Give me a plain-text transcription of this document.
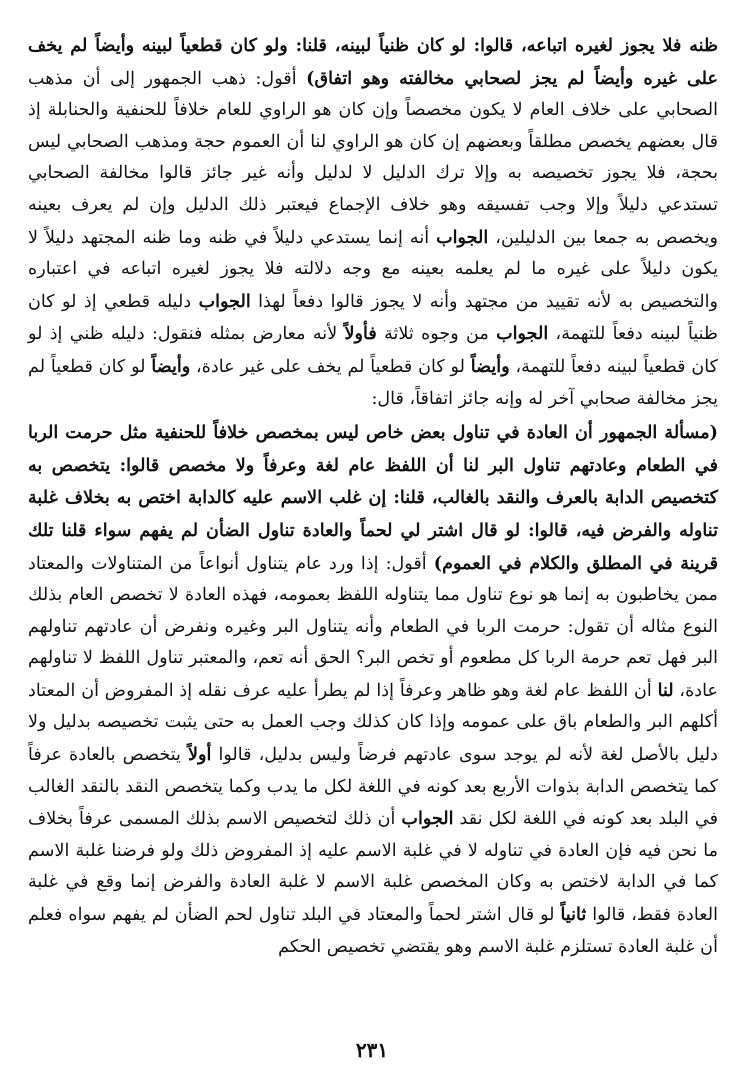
ظنه فلا يجوز لغيره اتباعه، قالوا: لو كان ظنياً لبينه، قلنا: ولو كان قطعياً لبينه وأيضاً لم يخف على غيره وأيضاً لم يجز لصحابي مخالفته وهو اتفاق) أقول: ذهب الجمهور إلى أن مذهب الصحابي على خلاف العام لا يكون مخصصاً وإن كان هو الراوي للعام خلافاً للحنفية والحنابلة إذ قال بعضهم يخصص مطلقاً وبعضهم إن كان هو الراوي لنا أن العموم حجة ومذهب الصحابي ليس بحجة، فلا يجوز تخصيصه به وإلا ترك الدليل لا لدليل وأنه غير جائز قالوا مخالفة الصحابي تستدعي دليلاً وإلا وجب تفسيقه وهو خلاف الإجماع فيعتبر ذلك الدليل وإن لم يعرف بعينه ويخصص به جمعا بين الدليلين، الجواب أنه إنما يستدعي دليلاً في ظنه وما ظنه المجتهد دليلاً لا يكون دليلاً على غيره ما لم يعلمه بعينه مع وجه دلالته فلا يجوز لغيره اتباعه في اعتباره والتخصيص به لأنه تقييد من مجتهد وأنه لا يجوز قالوا دفعاً لهذا الجواب دليله قطعي إذ لو كان ظنياً لبينه دفعاً للتهمة، الجواب من وجوه ثلاثة فأولاً لأنه معارض بمثله فنقول: دليله ظني إذ لو كان قطعياً لبينه دفعاً للتهمة، وأيضاً لو كان قطعياً لم يخف على غير عادة، وأيضاً لو كان قطعياً لم يجز مخالفة صحابي آخر له وإنه جائز اتفاقاً، قال:

(مسألة الجمهور أن العادة في تناول بعض خاص ليس بمخصص خلافاً للحنفية مثل حرمت الربا في الطعام وعادتهم تناول البر لنا أن اللفظ عام لغة وعرفاً ولا مخصص قالوا: يتخصص به كتخصيص الدابة بالعرف والنقد بالغالب، قلنا: إن غلب الاسم عليه كالدابة اختص به بخلاف غلبة تناوله والفرض فيه، قالوا: لو قال اشتر لي لحماً والعادة تناول الضأن لم يفهم سواء قلنا تلك قرينة في المطلق والكلام في العموم) أقول: إذا ورد عام يتناول أنواعاً من المتناولات والمعتاد ممن يخاطبون به إنما هو نوع تناول مما يتناوله اللفظ بعمومه، فهذه العادة لا تخصص العام بذلك النوع مثاله أن تقول: حرمت الربا في الطعام وأنه يتناول البر وغيره ونفرض أن عادتهم تناولهم البر فهل تعم حرمة الربا كل مطعوم أو تخص البر؟ الحق أنه تعم، والمعتبر تناول اللفظ لا تناولهم عادة، لنا أن اللفظ عام لغة وهو ظاهر وعرفاً إذا لم يطرأ عليه عرف نقله إذ المفروض أن المعتاد أكلهم البر والطعام باق على عمومه وإذا كان كذلك وجب العمل به حتى يثبت تخصيصه بدليل ولا دليل بالأصل لغة لأنه لم يوجد سوى عادتهم فرضاً وليس بدليل، قالوا أولاً يتخصص بالعادة عرفاً كما يتخصص الدابة بذوات الأربع بعد كونه في اللغة لكل ما يدب وكما يتخصص النقد بالنقد الغالب في البلد بعد كونه في اللغة لكل نقد الجواب أن ذلك لتخصيص الاسم بذلك المسمى عرفاً بخلاف ما نحن فيه فإن العادة في تناوله لا في غلبة الاسم عليه إذ المفروض ذلك ولو فرضنا غلبة الاسم كما في الدابة لاختص به وكان المخصص غلبة الاسم لا غلبة العادة والفرض إنما وقع في غلبة العادة فقط، قالوا ثانياً لو قال اشتر لحماً والمعتاد في البلد تناول لحم الضأن لم يفهم سواه فعلم أن غلبة العادة تستلزم غلبة الاسم وهو يقتضي تخصيص الحكم

٢٣١
